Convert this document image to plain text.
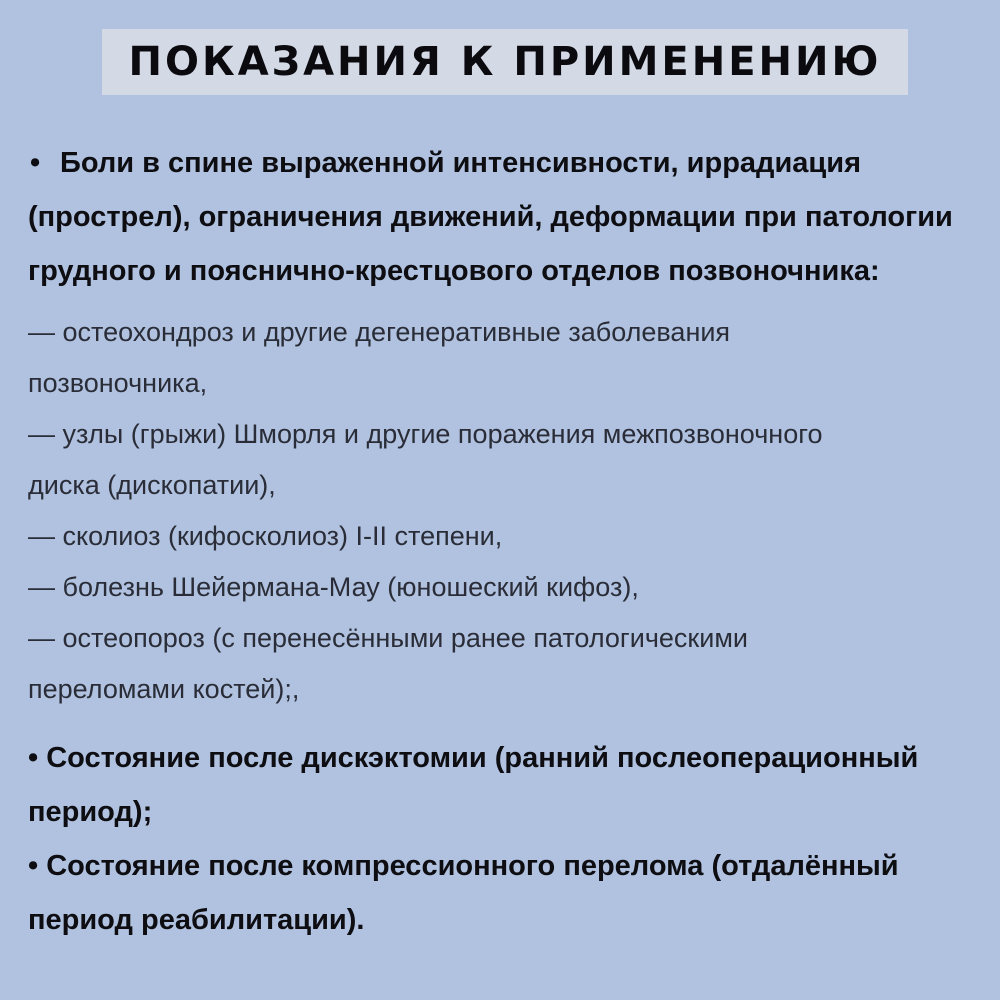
ПОКАЗАНИЯ К ПРИМЕНЕНИЮ

• Боли в спине выраженной интенсивности, иррадиация (прострел), ограничения движений, деформации при патологии грудного и пояснично-крестцового отделов позвоночника:

— остеохондроз и другие дегенеративные заболевания
позвоночника,
— узлы (грыжи) Шморля и другие поражения межпозвоночного
диска (дископатии),
— сколиоз (кифосколиоз) I-II степени,
— болезнь Шейермана-Мау (юношеский кифоз),
— остеопороз (с перенесёнными ранее патологическими
переломами костей);,

• Состояние после дискэктомии (ранний послеоперационный период);

• Состояние после компрессионного перелома (отдалённый период реабилитации).
